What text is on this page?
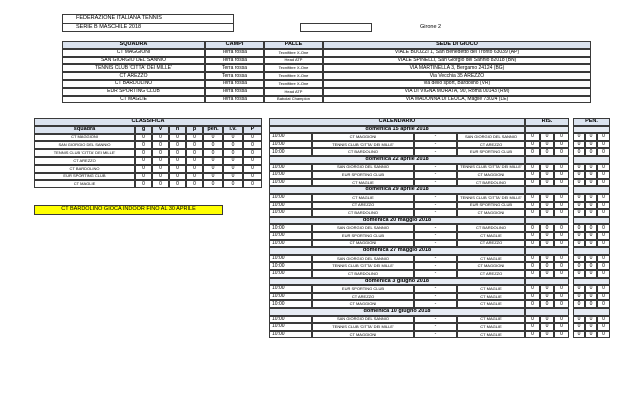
FEDERAZIONE ITALIANA TENNIS
SERIE B MASCHILE 2018	Girone 2
SQUADRA	CAMPI	PALLE	SEDE DI GIOCO
CT MAGGIONI	Terra rossa	Tecnifibre X-One	VIALE BUOZZI 1, San Benedetto del Tronto 63039 (AP)
SAN GIORGIO DEL SANNIO	Terra rossa	Head ATP	VIALE SPINELLI, San Giorgio del Sannio 82018 (BN)
TENNIS CLUB 'CITTA' DEI MILLE'	Terra rossa	Tecnifibre X-One	VIA MARTINELLA 3, Bergamo 24124 (BG)
CT AREZZO	Terra rossa	Tecnifibre X-One	Via Vecchia 35 AREZZO
CT BARDOLINO	Terra rossa	Tecnifibre X-One	via dello sport, Bardolino (VR)
EUR SPORTING CLUB	Terra rossa	Head ATP	VIA DI VIGNA MURATA, 90, Roma 00143 (RM)
CT MAGLIE	Terra rossa	Babolat Champion	VIA MADONNA DI LEUCA, Maglie 73024 (LE)
CLASSIFICA
squadra	g	v	n	p	pen.	l.v.	P
CT MAGGIONI	0	0	0	0	0	0	0
SAN GIORGIO DEL SANNIO	0	0	0	0	0	0	0
TENNIS CLUB 'CITTA' DEI MILLE'	0	0	0	0	0	0	0
CT AREZZO	0	0	0	0	0	0	0
CT BARDOLINO	0	0	0	0	0	0	0
EUR SPORTING CLUB	0	0	0	0	0	0	0
CT MAGLIE	0	0	0	0	0	0	0
CT BARDOLINO GIOCA INDOOR FINO AL 30 APRILE
CALENDARIO	RIS.	PEN.
domenica 15 aprile 2018
10:00	CT MAGGIONI	-	SAN GIORGIO DEL SANNIO	0	0	0	0	0	0
10:00	TENNIS CLUB 'CITTA' DEI MILLE'	-	CT AREZZO	0	0	0	0	0	0
10:00	CT BARDOLINO	-	EUR SPORTING CLUB	0	0	0	0	0	0
domenica 22 aprile 2018
10:00	SAN GIORGIO DEL SANNIO	-	TENNIS CLUB 'CITTA' DEI MILLE'	0	0	0	0	0	0
10:00	EUR SPORTING CLUB	-	CT MAGGIONI	0	0	0	0	0	0
10:00	CT MAGLIE	-	CT BARDOLINO	0	0	0	0	0	0
domenica 29 aprile 2018
10:00	CT MAGLIE	-	TENNIS CLUB 'CITTA' DEI MILLE'	0	0	0	0	0	0
10:00	CT AREZZO	-	EUR SPORTING CLUB	0	0	0	0	0	0
10:00	CT BARDOLINO	-	CT MAGGIONI	0	0	0	0	0	0
domenica 20 maggio 2018
10:00	SAN GIORGIO DEL SANNIO	-	CT BARDOLINO	0	0	0	0	0	0
10:00	EUR SPORTING CLUB	-	CT MAGLIE	0	0	0	0	0	0
10:00	CT MAGGIONI	-	CT AREZZO	0	0	0	0	0	0
domenica 27 maggio 2018
10:00	SAN GIORGIO DEL SANNIO	-	CT MAGLIE	0	0	0	0	0	0
10:00	TENNIS CLUB 'CITTA' DEI MILLE'	-	CT MAGGIONI	0	0	0	0	0	0
10:00	CT BARDOLINO	-	CT AREZZO	0	0	0	0	0	0
domenica 3 giugno 2018
10:00	EUR SPORTING CLUB	-	CT MAGLIE	0	0	0	0	0	0
10:00	CT AREZZO	-	CT MAGLIE	0	0	0	0	0	0
10:00	CT MAGGIONI	-	CT MAGLIE	0	0	0	0	0	0
domenica 10 giugno 2018
10:00	SAN GIORGIO DEL SANNIO	-	CT MAGLIE	0	0	0	0	0	0
10:00	TENNIS CLUB 'CITTA' DEI MILLE'	-	CT MAGLIE	0	0	0	0	0	0
10:00	CT MAGGIONI	-	CT MAGLIE	0	0	0	0	0	0
